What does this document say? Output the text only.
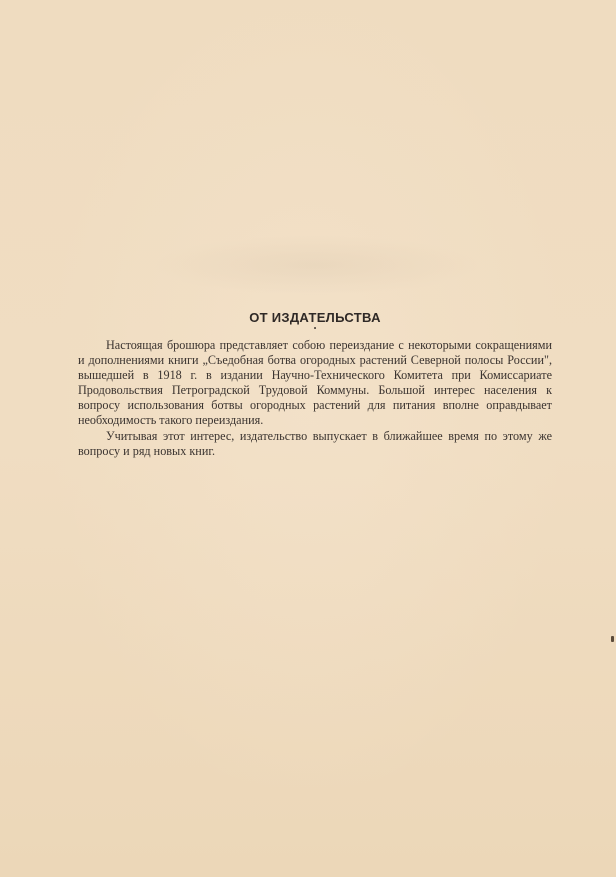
ОТ ИЗДАТЕЛЬСТВА
•

Настоящая брошюра представляет собою переиздание с некоторыми сокращениями и дополнениями книги „Съедобная ботва огородных растений Северной полосы России", вышедшей в 1918 г. в издании Научно-Технического Комитета при Комиссариате Продовольствия Петроградской Трудовой Коммуны. Большой интерес населения к вопросу использования ботвы огородных растений для питания вполне оправдывает необходимость такого переиздания.

Учитывая этот интерес, издательство выпускает в ближайшее время по этому же вопросу и ряд новых книг.
